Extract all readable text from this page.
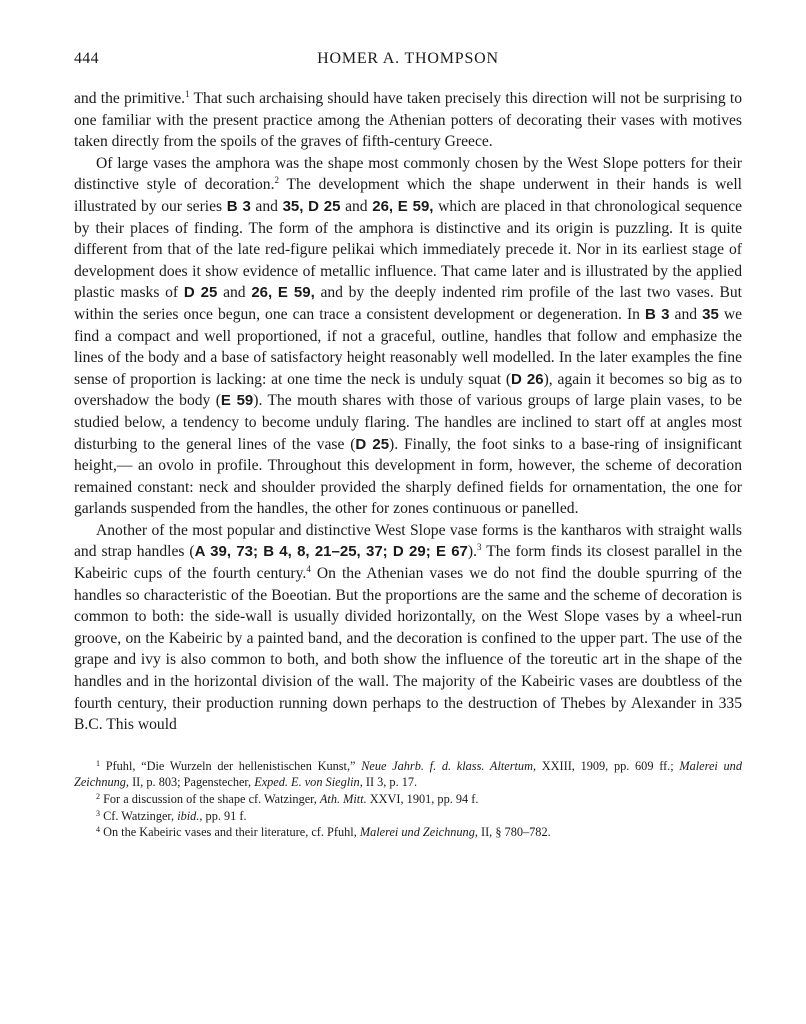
444	HOMER A. THOMPSON

and the primitive.$^1$ That such archaising should have taken precisely this direction will not be surprising to one familiar with the present practice among the Athenian potters of decorating their vases with motives taken directly from the spoils of the graves of fifth-century Greece.

Of large vases the amphora was the shape most commonly chosen by the West Slope potters for their distinctive style of decoration.$^2$ The development which the shape underwent in their hands is well illustrated by our series B 3 and 35, D 25 and 26, E 59, which are placed in that chronological sequence by their places of finding. The form of the amphora is distinctive and its origin is puzzling. It is quite different from that of the late red-figure pelikai which immediately precede it. Nor in its earliest stage of development does it show evidence of metallic influence. That came later and is illustrated by the applied plastic masks of D 25 and 26, E 59, and by the deeply indented rim profile of the last two vases. But within the series once begun, one can trace a consistent development or degeneration. In B 3 and 35 we find a compact and well proportioned, if not a graceful, outline, handles that follow and emphasize the lines of the body and a base of satisfactory height reasonably well modelled. In the later examples the fine sense of proportion is lacking: at one time the neck is unduly squat (D 26), again it becomes so big as to overshadow the body (E 59). The mouth shares with those of various groups of large plain vases, to be studied below, a tendency to become unduly flaring. The handles are inclined to start off at angles most disturbing to the general lines of the vase (D 25). Finally, the foot sinks to a base-ring of insignificant height,— an ovolo in profile. Throughout this development in form, however, the scheme of decoration remained constant: neck and shoulder provided the sharply defined fields for ornamentation, the one for garlands suspended from the handles, the other for zones continuous or panelled.

Another of the most popular and distinctive West Slope vase forms is the kantharos with straight walls and strap handles (A 39, 73; B 4, 8, 21–25, 37; D 29; E 67).$^3$ The form finds its closest parallel in the Kabeiric cups of the fourth century.$^4$ On the Athenian vases we do not find the double spurring of the handles so characteristic of the Boeotian. But the proportions are the same and the scheme of decoration is common to both: the side-wall is usually divided horizontally, on the West Slope vases by a wheel-run groove, on the Kabeiric by a painted band, and the decoration is confined to the upper part. The use of the grape and ivy is also common to both, and both show the influence of the toreutic art in the shape of the handles and in the horizontal division of the wall. The majority of the Kabeiric vases are doubtless of the fourth century, their production running down perhaps to the destruction of Thebes by Alexander in 335 B.C. This would

$^1$ Pfuhl, “Die Wurzeln der hellenistischen Kunst,” Neue Jahrb. f. d. klass. Altertum, XXIII, 1909, pp. 609 ff.; Malerei und Zeichnung, II, p. 803; Pagenstecher, Exped. E. von Sieglin, II 3, p. 17.

$^2$ For a discussion of the shape cf. Watzinger, Ath. Mitt. XXVI, 1901, pp. 94 f.

$^3$ Cf. Watzinger, ibid., pp. 91 f.

$^4$ On the Kabeiric vases and their literature, cf. Pfuhl, Malerei und Zeichnung, II, § 780–782.
